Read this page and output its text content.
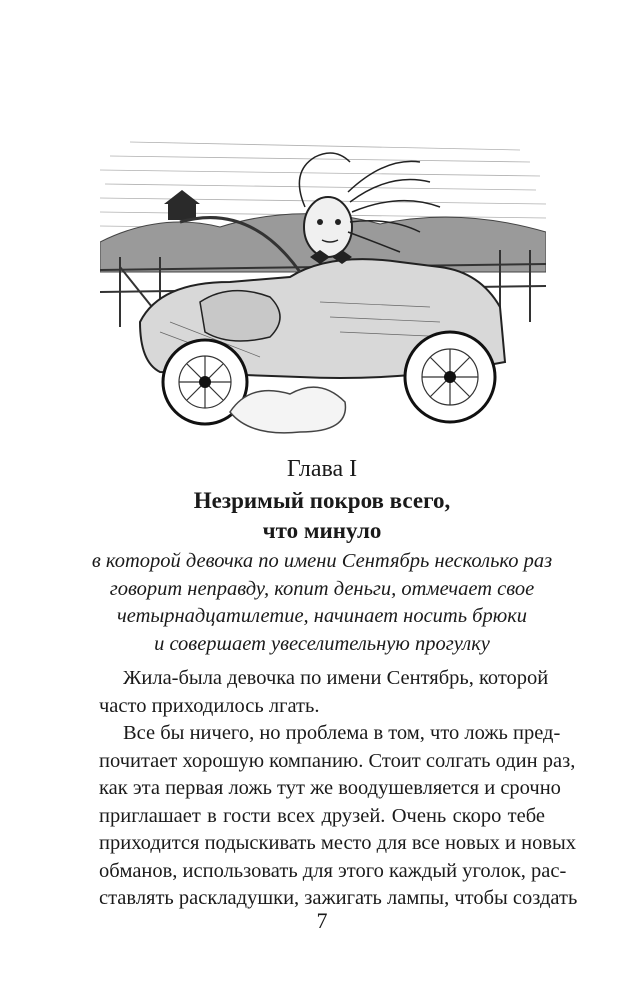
Глава I
Незримый покров всего,
что минуло
в которой девочка по имени Сентябрь несколько раз
говорит неправду, копит деньги, отмечает свое
четырнадцатилетие, начинает носить брюки
и совершает увеселительную прогулку
Жила-была девочка по имени Сентябрь, которой
часто приходилось лгать.
Все бы ничего, но проблема в том, что ложь пред-
почитает хорошую компанию. Стоит солгать один раз,
как эта первая ложь тут же воодушевляется и срочно
приглашает в гости всех друзей. Очень скоро тебе
приходится подыскивать место для все новых и новых
обманов, использовать для этого каждый уголок, рас-
ставлять раскладушки, зажигать лампы, чтобы создать
7
